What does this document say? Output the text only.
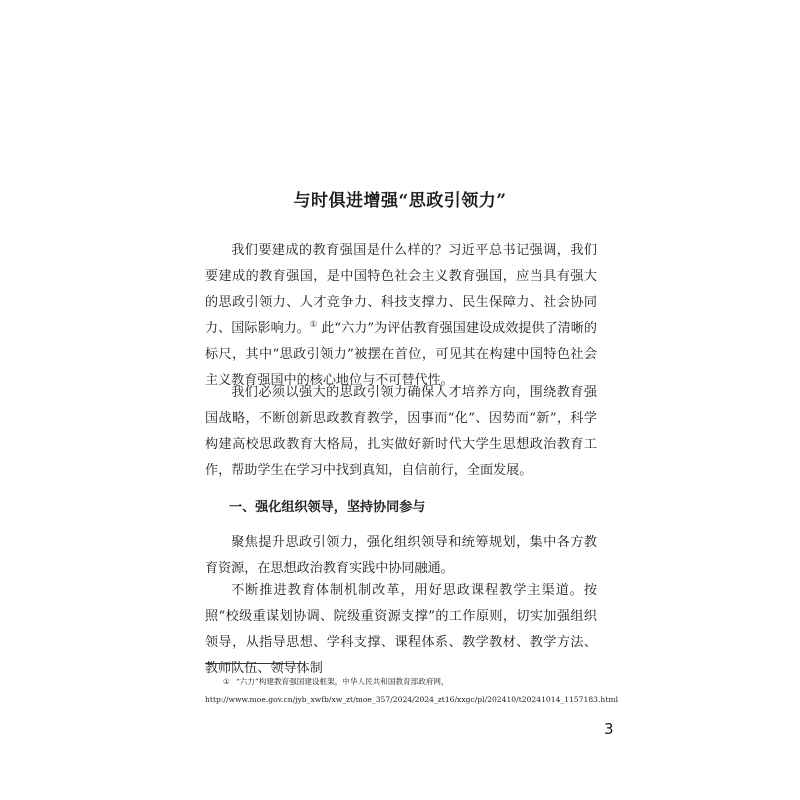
与时俱进增强“思政引领力”

我们要建成的教育强国是什么样的？习近平总书记强调，我们要建成的教育强国，是中国特色社会主义教育强国，应当具有强大的思政引领力、人才竞争力、科技支撑力、民生保障力、社会协同力、国际影响力。① 此“六力”为评估教育强国建设成效提供了清晰的标尺，其中“思政引领力”被摆在首位，可见其在构建中国特色社会主义教育强国中的核心地位与不可替代性。

我们必须以强大的思政引领力确保人才培养方向，围绕教育强国战略，不断创新思政教育教学，因事而“化”、因势而“新”，科学构建高校思政教育大格局，扎实做好新时代大学生思想政治教育工作，帮助学生在学习中找到真知，自信前行，全面发展。

一、强化组织领导，坚持协同参与

聚焦提升思政引领力，强化组织领导和统筹规划，集中各方教育资源，在思想政治教育实践中协同融通。

不断推进教育体制机制改革，用好思政课程教学主渠道。按照“校级重谋划协调、院级重资源支撑”的工作原则，切实加强组织领导，从指导思想、学科支撑、课程体系、教学教材、教学方法、教师队伍、领导体制

① “六力”构建教育强国建设框架，中华人民共和国教育部政府网，http://www.moe.gov.cn/jyb_xwfb/xw_zt/moe_357/2024/2024_zt16/xxgc/pl/202410/t20241014_1157183.html

3
